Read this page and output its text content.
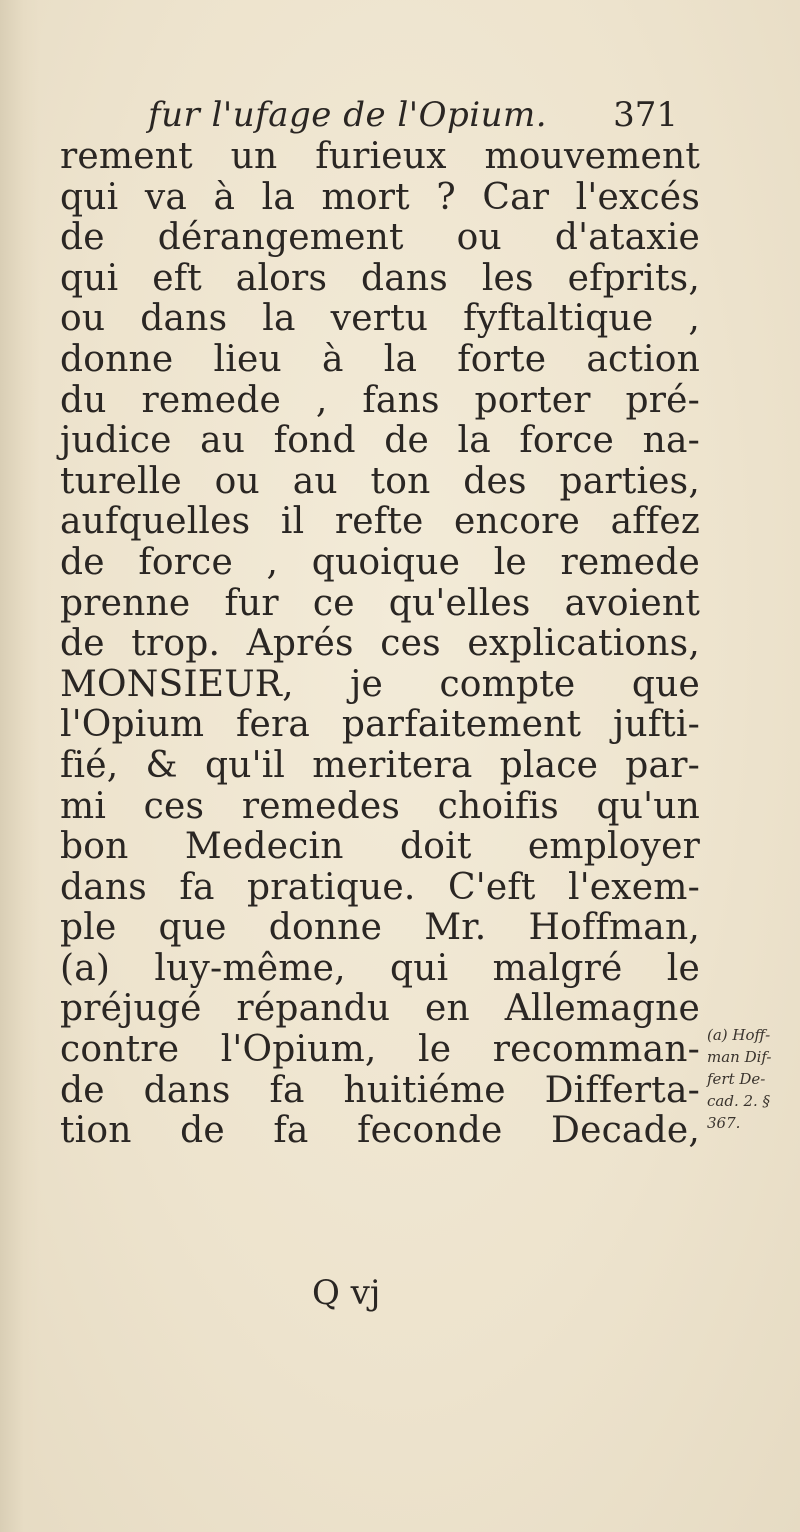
fur l'ufage de l'Opium. 371
rement un furieux mouvement
qui va à la mort ? Car l'excés
de dérangement ou d'ataxie
qui eft alors dans les efprits,
ou dans la vertu fyftaltique ,
donne lieu à la forte action
du remede , fans porter pré-
judice au fond de la force na-
turelle ou au ton des parties,
aufquelles il refte encore affez
de force , quoique le remede
prenne fur ce qu'elles avoient
de trop. Aprés ces explications,
MONSIEUR, je compte que
l'Opium fera parfaitement jufti-
fié, & qu'il meritera place par-
mi ces remedes choifis qu'un
bon Medecin doit employer
dans fa pratique. C'eft l'exem-
ple que donne Mr. Hoffman,
(a) luy-même, qui malgré le
préjugé répandu en Allemagne
contre l'Opium, le recomman-
de dans fa huitiéme Differta-
tion de fa feconde Decade,
Q vj
(a) Hoff-
man Dif-
fert De-
cad. 2. §
367.
